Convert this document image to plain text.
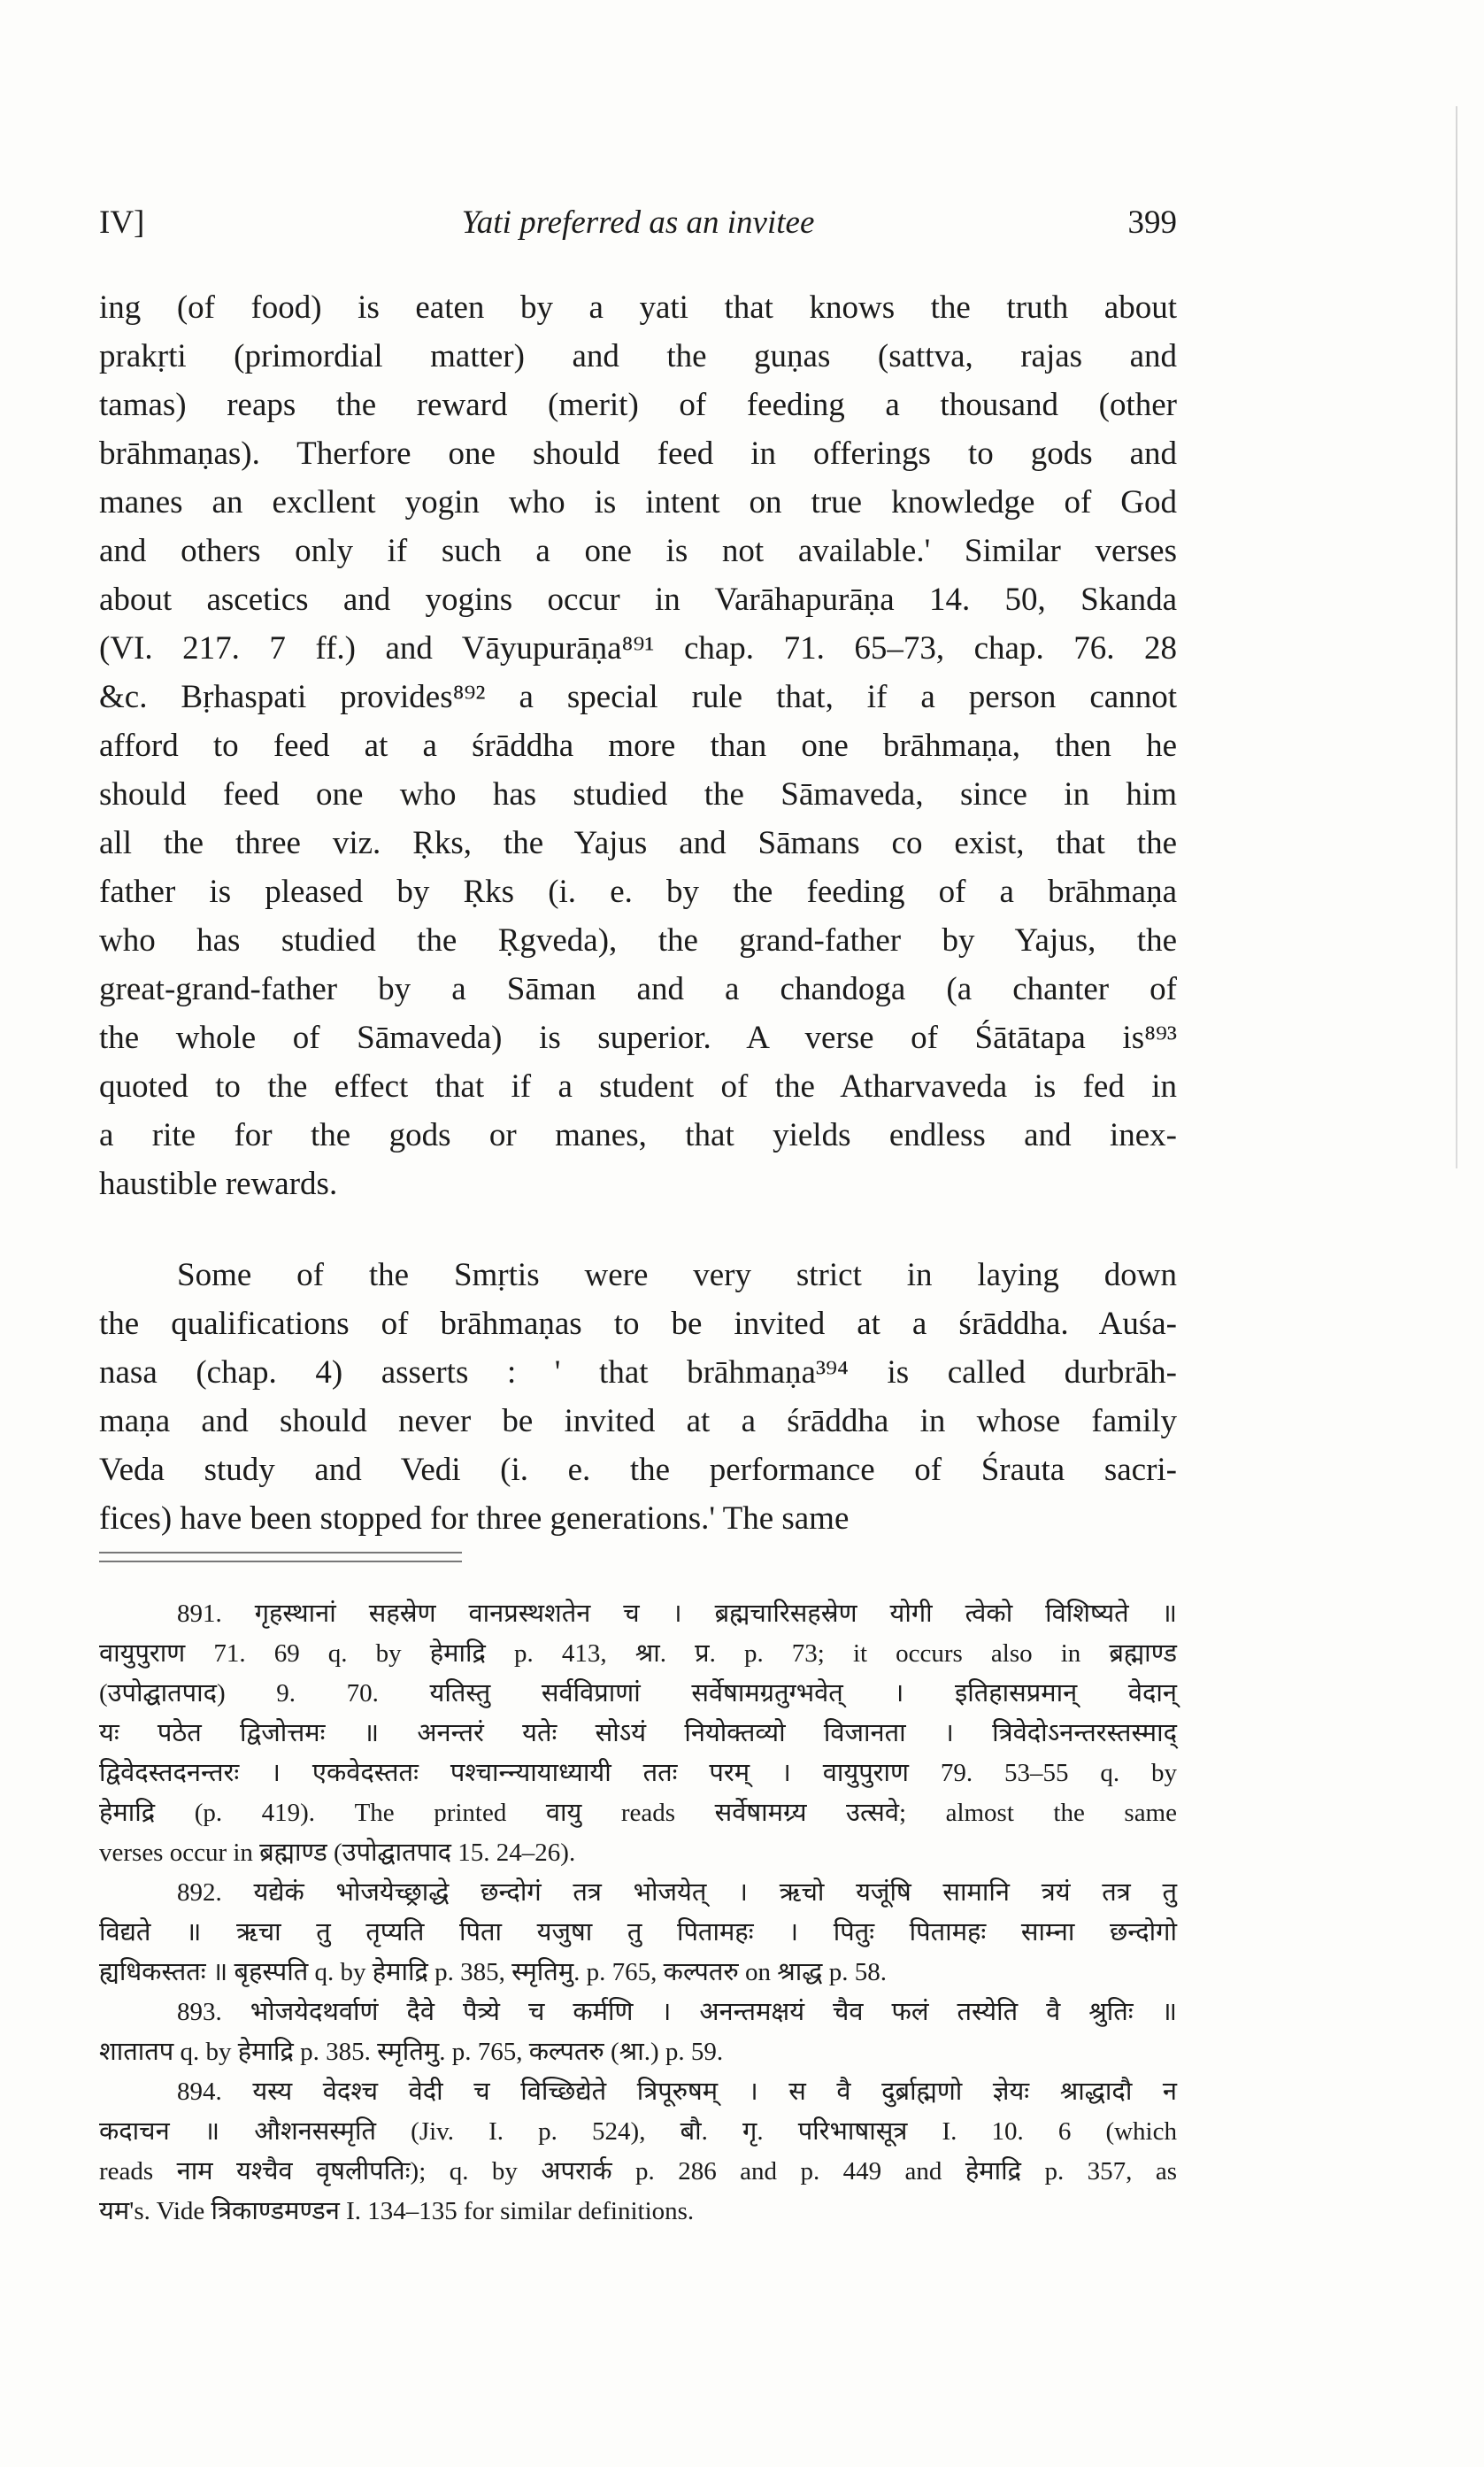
IV]	Yati preferred as an invitee	399

ing (of food) is eaten by a yati that knows the truth about

prakṛti (primordial matter) and the guṇas (sattva, rajas and

tamas) reaps the reward (merit) of feeding a thousand (other

brāhmaṇas). Therfore one should feed in offerings to gods and

manes an excllent yogin who is intent on true knowledge of God

and others only if such a one is not available.' Similar verses

about ascetics and yogins occur in Varāhapurāṇa 14. 50, Skanda

(VI. 217. 7 ff.) and Vāyupurāṇa⁸⁹¹ chap. 71. 65–73, chap. 76. 28

&c. Bṛhaspati provides⁸⁹² a special rule that, if a person cannot

afford to feed at a śrāddha more than one brāhmaṇa, then he

should feed one who has studied the Sāmaveda, since in him

all the three viz. Ṛks, the Yajus and Sāmans co exist, that the

father is pleased by Ṛks (i. e. by the feeding of a brāhmaṇa

who has studied the Ṛgveda), the grand-father by Yajus, the

great-grand-father by a Sāman and a chandoga (a chanter of

the whole of Sāmaveda) is superior. A verse of Śātātapa is⁸⁹³

quoted to the effect that if a student of the Atharvaveda is fed in

a rite for the gods or manes, that yields endless and inex-

haustible rewards.

Some of the Smṛtis were very strict in laying down

the qualifications of brāhmaṇas to be invited at a śrāddha. Auśa-

nasa (chap. 4) asserts : ' that brāhmaṇa³⁹⁴ is called durbrāh-

maṇa and should never be invited at a śrāddha in whose family

Veda study and Vedi (i. e. the performance of Śrauta sacri-

fices) have been stopped for three generations.' The same

891. गृहस्थानां सहस्रेण वानप्रस्थशतेन च । ब्रह्मचारिसहस्रेण योगी त्वेको विशिष्यते ॥

वायुपुराण 71. 69 q. by हेमाद्रि p. 413, श्रा. प्र. p. 73; it occurs also in ब्रह्माण्ड

(उपोद्घातपाद) 9. 70. यतिस्तु सर्वविप्राणां सर्वेषामग्रतुग्भवेत् । इतिहासप्रमान् वेदान्

यः पठेत द्विजोत्तमः ॥ अनन्तरं यतेः सोऽयं नियोक्तव्यो विजानता । त्रिवेदोऽनन्तरस्तस्माद्

द्विवेदस्तदनन्तरः । एकवेदस्ततः पश्चान्न्यायाध्यायी ततः परम् । वायुपुराण 79. 53–55 q. by

हेमाद्रि (p. 419). The printed वायु reads सर्वेषामग्र्य उत्सवे; almost the same

verses occur in ब्रह्माण्ड (उपोद्घातपाद 15. 24–26).

892. यद्येकं भोजयेच्छ्राद्धे छन्दोगं तत्र भोजयेत् । ऋचो यजूंषि सामानि त्रयं तत्र तु

विद्यते ॥ ऋचा तु तृप्यति पिता यजुषा तु पितामहः । पितुः पितामहः साम्ना छन्दोगो

ह्यधिकस्ततः ॥ बृहस्पति q. by हेमाद्रि p. 385, स्मृतिमु. p. 765, कल्पतरु on श्राद्ध p. 58.

893. भोजयेदथर्वाणं दैवे पैत्र्ये च कर्मणि । अनन्तमक्षयं चैव फलं तस्येति वै श्रुतिः ॥

शातातप q. by हेमाद्रि p. 385. स्मृतिमु. p. 765, कल्पतरु (श्रा.) p. 59.

894. यस्य वेदश्च वेदी च विच्छिद्येते त्रिपूरुषम् । स वै दुर्ब्राह्मणो ज्ञेयः श्राद्धादौ न

कदाचन ॥ औशनसस्मृति (Jiv. I. p. 524), बौ. गृ. परिभाषासूत्र I. 10. 6 (which

reads नाम यश्चैव वृषलीपतिः); q. by अपरार्क p. 286 and p. 449 and हेमाद्रि p. 357, as

यम's. Vide त्रिकाण्डमण्डन I. 134–135 for similar definitions.
